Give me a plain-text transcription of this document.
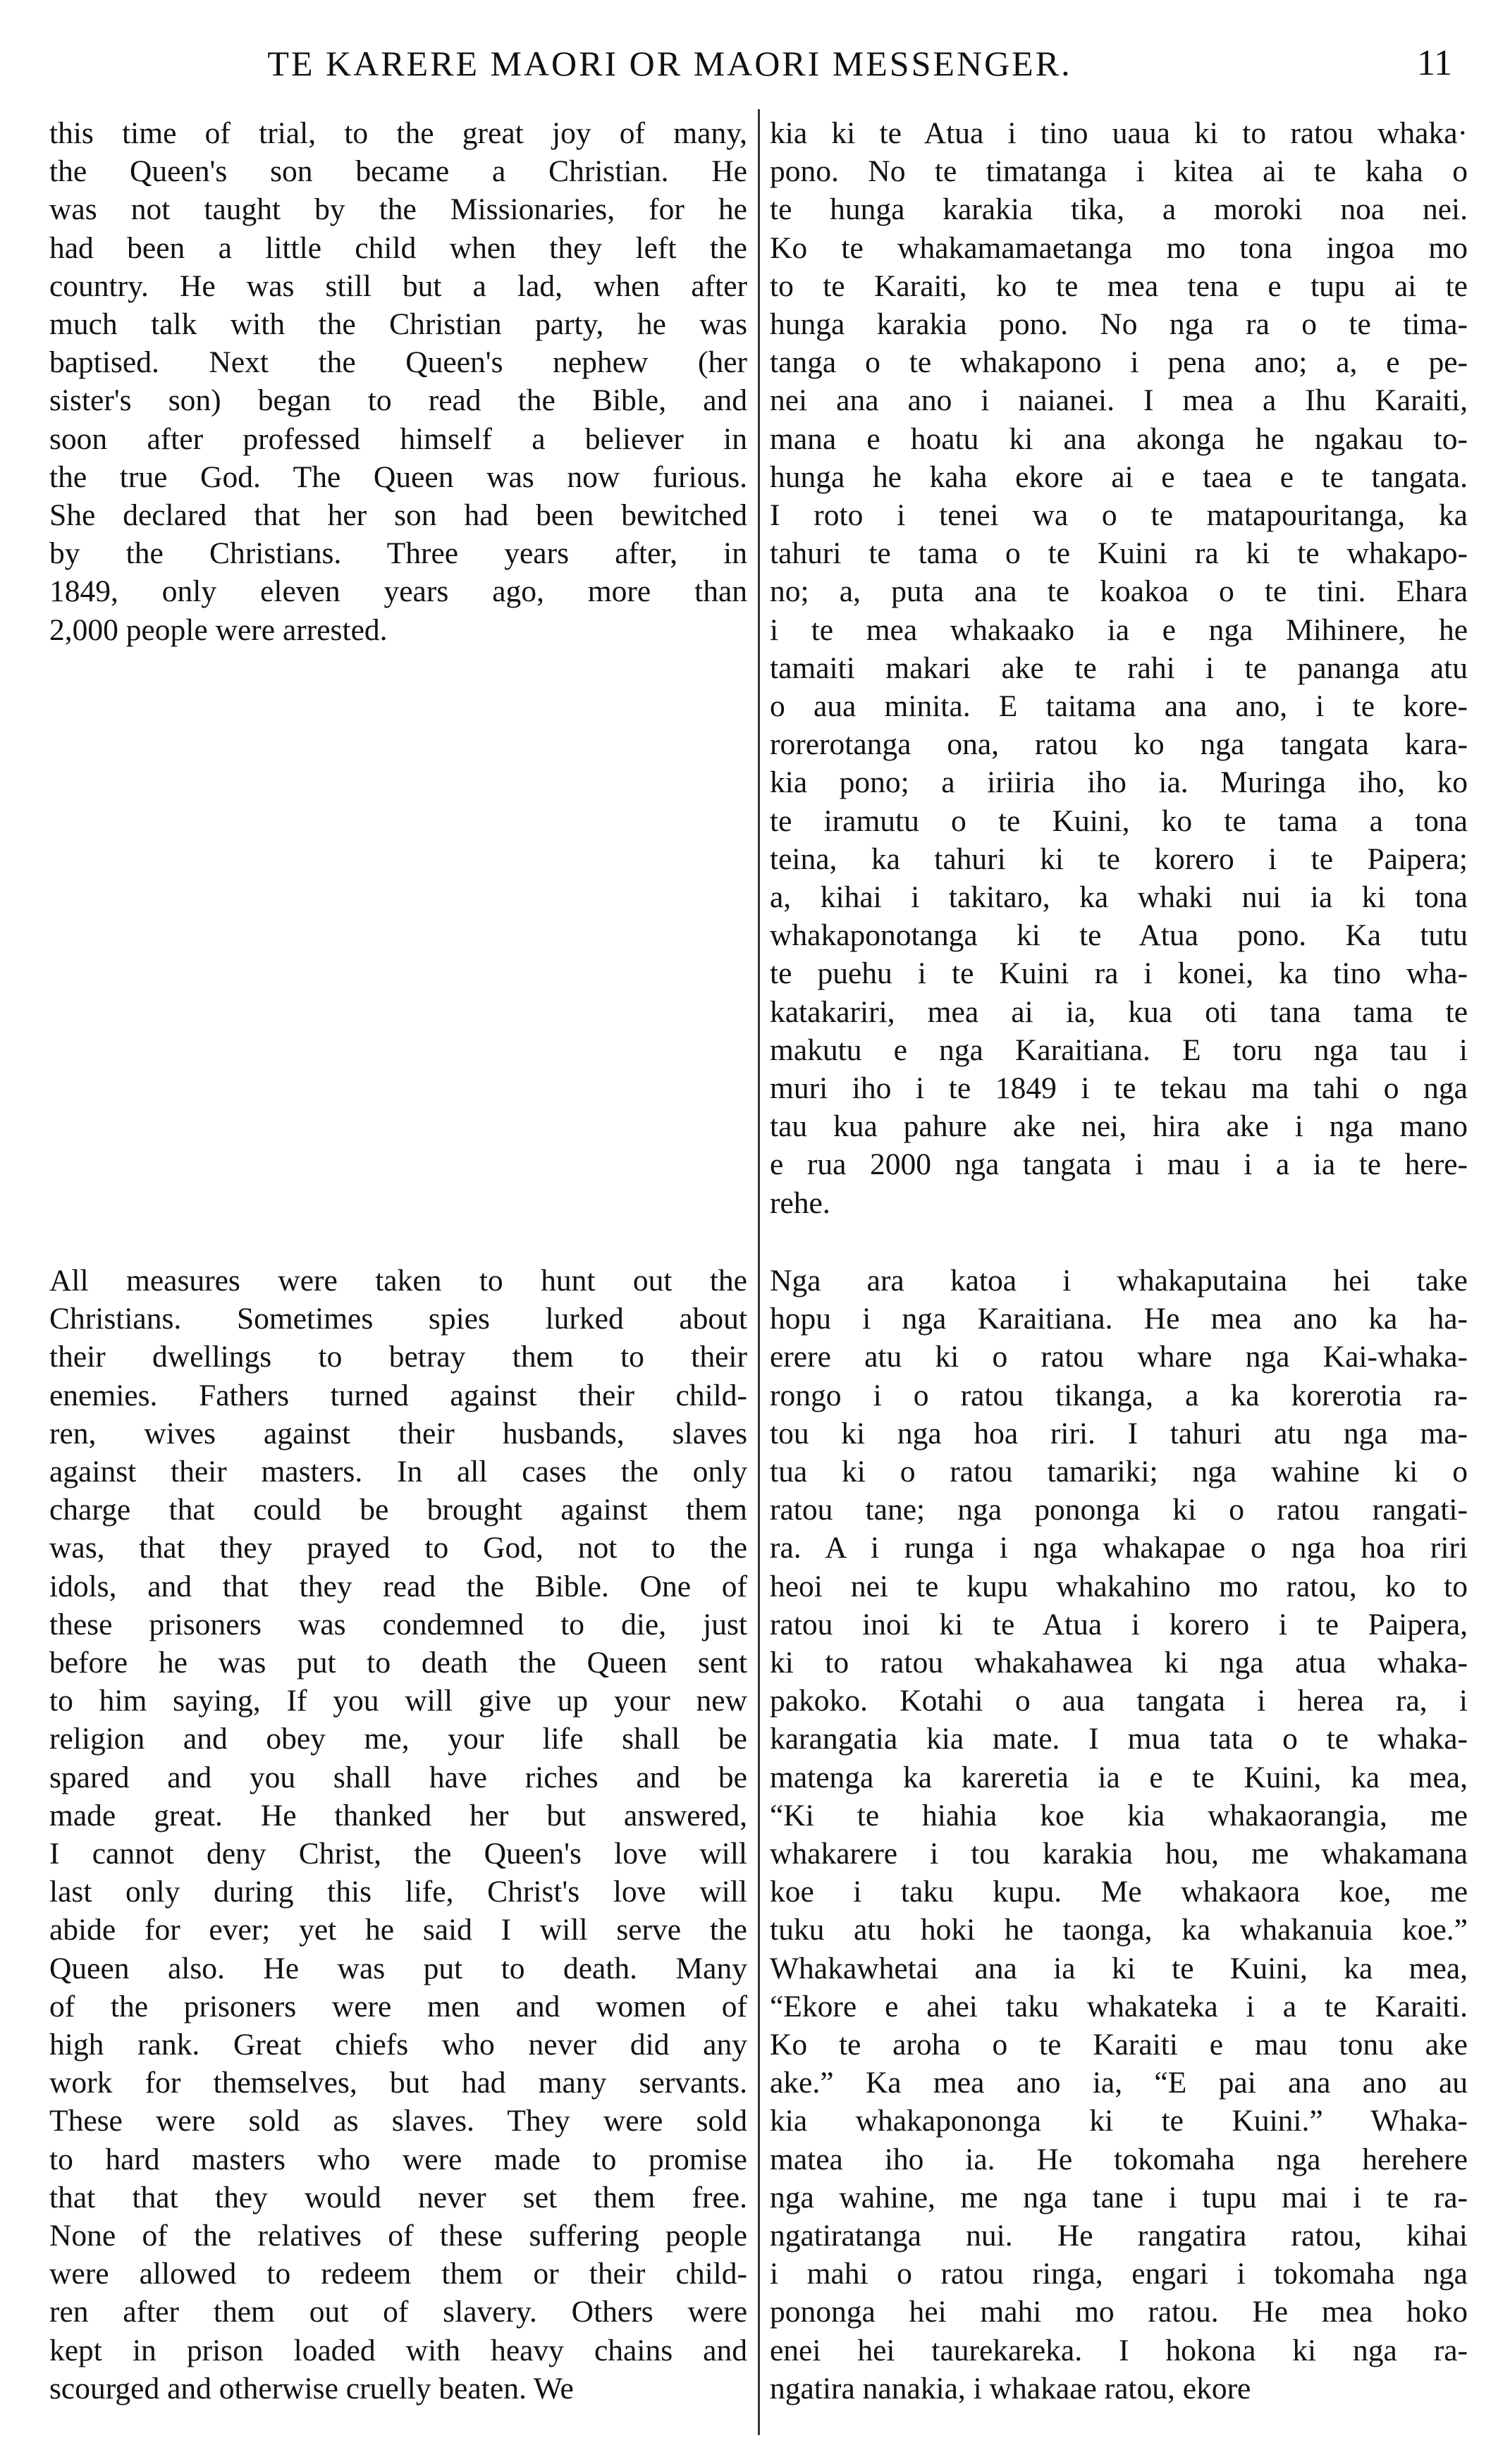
TE KARERE MAORI OR MAORI MESSENGER.	11
this time of trial, to the great joy of many,
the Queen's son became a Christian. He
was not taught by the Missionaries, for he
had been a little child when they left the
country. He was still but a lad, when after
much talk with the Christian party, he was
baptised. Next the Queen's nephew (her
sister's son) began to read the Bible, and
soon after professed himself a believer in
the true God. The Queen was now furious.
She declared that her son had been bewitched
by the Christians. Three years after, in
1849, only eleven years ago, more than
2,000 people were arrested.
All measures were taken to hunt out the
Christians. Sometimes spies lurked about
their dwellings to betray them to their
enemies. Fathers turned against their child-
ren, wives against their husbands, slaves
against their masters. In all cases the only
charge that could be brought against them
was, that they prayed to God, not to the
idols, and that they read the Bible. One of
these prisoners was condemned to die, just
before he was put to death the Queen sent
to him saying, If you will give up your new
religion and obey me, your life shall be
spared and you shall have riches and be
made great. He thanked her but answered,
I cannot deny Christ, the Queen's love will
last only during this life, Christ's love will
abide for ever; yet he said I will serve the
Queen also. He was put to death. Many
of the prisoners were men and women of
high rank. Great chiefs who never did any
work for themselves, but had many servants.
These were sold as slaves. They were sold
to hard masters who were made to promise
that that they would never set them free.
None of the relatives of these suffering people
were allowed to redeem them or their child-
ren after them out of slavery. Others were
kept in prison loaded with heavy chains and
scourged and otherwise cruelly beaten. We
kia ki te Atua i tino uaua ki to ratou whaka·
pono. No te timatanga i kitea ai te kaha o
te hunga karakia tika, a moroki noa nei.
Ko te whakamamaetanga mo tona ingoa mo
to te Karaiti, ko te mea tena e tupu ai te
hunga karakia pono. No nga ra o te tima-
tanga o te whakapono i pena ano; a, e pe-
nei ana ano i naianei. I mea a Ihu Karaiti,
mana e hoatu ki ana akonga he ngakau to-
hunga he kaha ekore ai e taea e te tangata.
I roto i tenei wa o te matapouritanga, ka
tahuri te tama o te Kuini ra ki te whakapo-
no; a, puta ana te koakoa o te tini. Ehara
i te mea whakaako ia e nga Mihinere, he
tamaiti makari ake te rahi i te pananga atu
o aua minita. E taitama ana ano, i te kore-
rorerotanga ona, ratou ko nga tangata kara-
kia pono; a iriiria iho ia. Muringa iho, ko
te iramutu o te Kuini, ko te tama a tona
teina, ka tahuri ki te korero i te Paipera;
a, kihai i takitaro, ka whaki nui ia ki tona
whakaponotanga ki te Atua pono. Ka tutu
te puehu i te Kuini ra i konei, ka tino wha-
katakariri, mea ai ia, kua oti tana tama te
makutu e nga Karaitiana. E toru nga tau i
muri iho i te 1849 i te tekau ma tahi o nga
tau kua pahure ake nei, hira ake i nga mano
e rua 2000 nga tangata i mau i a ia te here-
rehe.
Nga ara katoa i whakaputaina hei take
hopu i nga Karaitiana. He mea ano ka ha-
erere atu ki o ratou whare nga Kai-whaka-
rongo i o ratou tikanga, a ka korerotia ra-
tou ki nga hoa riri. I tahuri atu nga ma-
tua ki o ratou tamariki; nga wahine ki o
ratou tane; nga pononga ki o ratou rangati-
ra. A i runga i nga whakapae o nga hoa riri
heoi nei te kupu whakahino mo ratou, ko to
ratou inoi ki te Atua i korero i te Paipera,
ki to ratou whakahawea ki nga atua whaka-
pakoko. Kotahi o aua tangata i herea ra, i
karangatia kia mate. I mua tata o te whaka-
matenga ka kareretia ia e te Kuini, ka mea,
“Ki te hiahia koe kia whakaorangia, me
whakarere i tou karakia hou, me whakamana
koe i taku kupu. Me whakaora koe, me
tuku atu hoki he taonga, ka whakanuia koe.”
Whakawhetai ana ia ki te Kuini, ka mea,
“Ekore e ahei taku whakateka i a te Karaiti.
Ko te aroha o te Karaiti e mau tonu ake
ake.” Ka mea ano ia, “E pai ana ano au
kia whakapononga ki te Kuini.” Whaka-
matea iho ia. He tokomaha nga herehere
nga wahine, me nga tane i tupu mai i te ra-
ngatiratanga nui. He rangatira ratou, kihai
i mahi o ratou ringa, engari i tokomaha nga
pononga hei mahi mo ratou. He mea hoko
enei hei taurekareka. I hokona ki nga ra-
ngatira nanakia, i whakaae ratou, ekore
